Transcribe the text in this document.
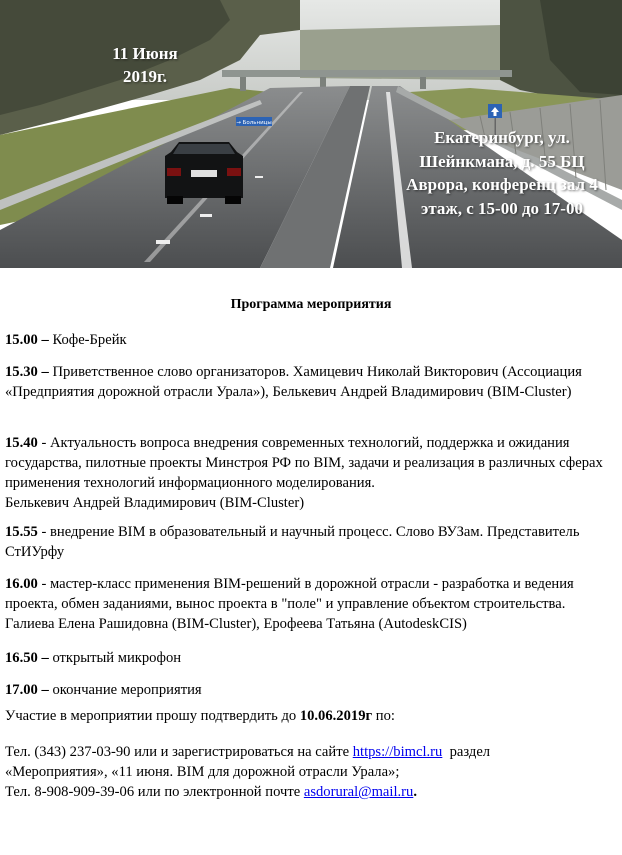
→ Больницы
11 Июня
2019г.
Екатеринбург, ул. Шейнкмана, д. 55 БЦ Аврора, конференц зал 4 этаж, с 15-00 до 17-00
Программа мероприятия
15.00 – Кофе-Брейк
15.30 – Приветственное слово организаторов. Хамицевич Николай Викторович (Ассоциация «Предприятия дорожной отрасли Урала»), Белькевич Андрей Владимирович (BIM-Cluster)
15.40 - Актуальность вопроса внедрения современных технологий, поддержка и ожидания государства, пилотные проекты Минстроя РФ по BIM, задачи и реализация в различных сферах применения технологий информационного моделирования.
Белькевич Андрей Владимирович (BIM-Cluster)
15.55 - внедрение BIM в образовательный и научный процесс. Слово ВУЗам. Представитель СтИУрфу
16.00 - мастер-класс применения BIM-решений в дорожной отрасли - разработка и ведения проекта, обмен заданиями, вынос проекта в "поле" и управление объектом строительства. Галиева Елена Рашидовна (BIM-Cluster), Ерофеева Татьяна (AutodeskCIS)
16.50 – открытый микрофон
17.00 – окончание мероприятия
Участие в мероприятии прошу подтвердить до 10.06.2019г по:
Тел. (343) 237-03-90 или и зарегистрироваться на сайте https://bimcl.ru  раздел
«Мероприятия», «11 июня. BIM для дорожной отрасли Урала»;
Тел. 8-908-909-39-06 или по электронной почте asdorural@mail.ru.
